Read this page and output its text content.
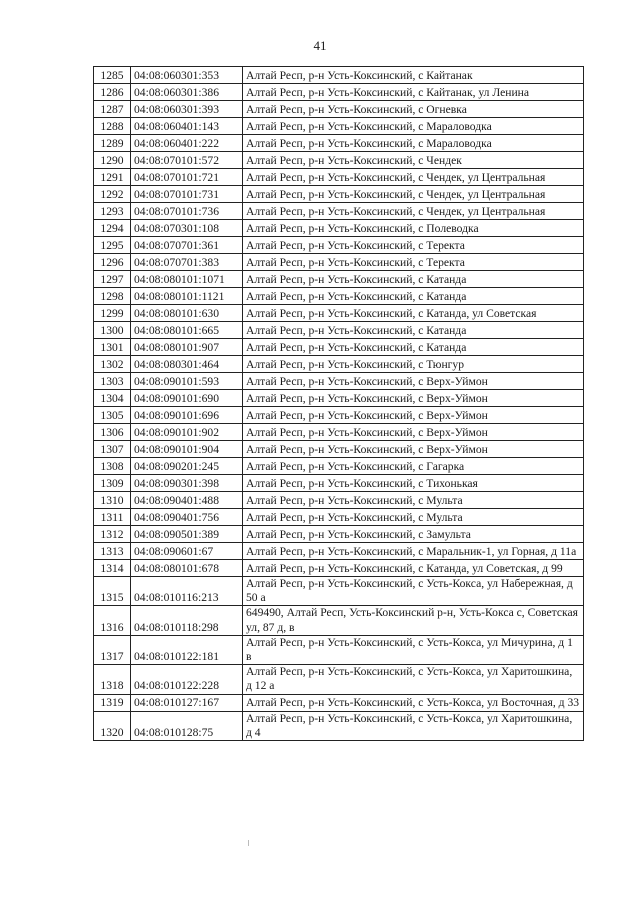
41
1285	04:08:060301:353	Алтай Респ, р-н Усть-Коксинский, с Кайтанак
1286	04:08:060301:386	Алтай Респ, р-н Усть-Коксинский, с Кайтанак, ул Ленина
1287	04:08:060301:393	Алтай Респ, р-н Усть-Коксинский, с Огневка
1288	04:08:060401:143	Алтай Респ, р-н Усть-Коксинский, с Мараловодка
1289	04:08:060401:222	Алтай Респ, р-н Усть-Коксинский, с Мараловодка
1290	04:08:070101:572	Алтай Респ, р-н Усть-Коксинский, с Чендек
1291	04:08:070101:721	Алтай Респ, р-н Усть-Коксинский, с Чендек, ул Центральная
1292	04:08:070101:731	Алтай Респ, р-н Усть-Коксинский, с Чендек, ул Центральная
1293	04:08:070101:736	Алтай Респ, р-н Усть-Коксинский, с Чендек, ул Центральная
1294	04:08:070301:108	Алтай Респ, р-н Усть-Коксинский, с Полеводка
1295	04:08:070701:361	Алтай Респ, р-н Усть-Коксинский, с Теректа
1296	04:08:070701:383	Алтай Респ, р-н Усть-Коксинский, с Теректа
1297	04:08:080101:1071	Алтай Респ, р-н Усть-Коксинский, с Катанда
1298	04:08:080101:1121	Алтай Респ, р-н Усть-Коксинский, с Катанда
1299	04:08:080101:630	Алтай Респ, р-н Усть-Коксинский, с Катанда, ул Советская
1300	04:08:080101:665	Алтай Респ, р-н Усть-Коксинский, с Катанда
1301	04:08:080101:907	Алтай Респ, р-н Усть-Коксинский, с Катанда
1302	04:08:080301:464	Алтай Респ, р-н Усть-Коксинский, с Тюнгур
1303	04:08:090101:593	Алтай Респ, р-н Усть-Коксинский, с Верх-Уймон
1304	04:08:090101:690	Алтай Респ, р-н Усть-Коксинский, с Верх-Уймон
1305	04:08:090101:696	Алтай Респ, р-н Усть-Коксинский, с Верх-Уймон
1306	04:08:090101:902	Алтай Респ, р-н Усть-Коксинский, с Верх-Уймон
1307	04:08:090101:904	Алтай Респ, р-н Усть-Коксинский, с Верх-Уймон
1308	04:08:090201:245	Алтай Респ, р-н Усть-Коксинский, с Гагарка
1309	04:08:090301:398	Алтай Респ, р-н Усть-Коксинский, с Тихонькая
1310	04:08:090401:488	Алтай Респ, р-н Усть-Коксинский, с Мульта
1311	04:08:090401:756	Алтай Респ, р-н Усть-Коксинский, с Мульта
1312	04:08:090501:389	Алтай Респ, р-н Усть-Коксинский, с Замульта
1313	04:08:090601:67	Алтай Респ, р-н Усть-Коксинский, с Маральник-1, ул Горная, д 11а
1314	04:08:080101:678	Алтай Респ, р-н Усть-Коксинский, с Катанда, ул Советская, д 99
1315	04:08:010116:213	Алтай Респ, р-н Усть-Коксинский, с Усть-Кокса, ул Набережная, д 50 а
1316	04:08:010118:298	649490, Алтай Респ, Усть-Коксинский р-н, Усть-Кокса с, Советская ул, 87 д, в
1317	04:08:010122:181	Алтай Респ, р-н Усть-Коксинский, с Усть-Кокса, ул Мичурина, д 1 в
1318	04:08:010122:228	Алтай Респ, р-н Усть-Коксинский, с Усть-Кокса, ул Харитошкина, д 12 а
1319	04:08:010127:167	Алтай Респ, р-н Усть-Коксинский, с Усть-Кокса, ул Восточная, д 33
1320	04:08:010128:75	Алтай Респ, р-н Усть-Коксинский, с Усть-Кокса, ул Харитошкина, д 4
